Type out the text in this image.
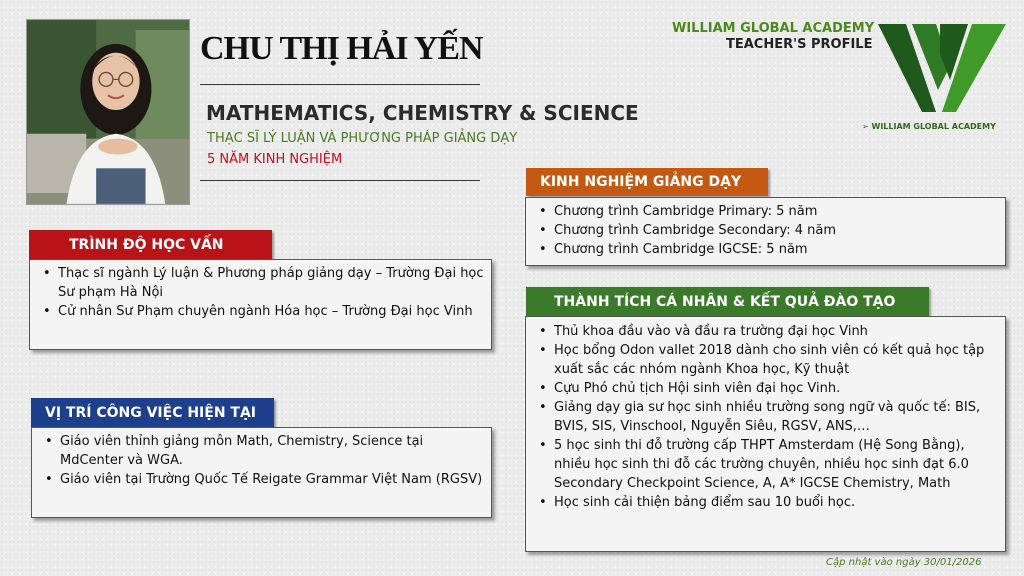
CHU THỊ HẢI YẾN
MATHEMATICS, CHEMISTRY & SCIENCE
THẠC SĨ LÝ LUẬN VÀ PHƯƠNG PHÁP GIẢNG DẠY
5 NĂM KINH NGHIỆM
WILLIAM GLOBAL ACADEMY
TEACHER'S PROFILE
➢ WILLIAM GLOBAL ACADEMY
TRÌNH ĐỘ HỌC VẤN
• Thạc sĩ ngành Lý luận & Phương pháp giảng dạy – Trường Đại học Sư phạm Hà Nội
• Cử nhân Sư Phạm chuyên ngành Hóa học – Trường Đại học Vinh
VỊ TRÍ CÔNG VIỆC HIỆN TẠI
• Giáo viên thỉnh giảng môn Math, Chemistry, Science tại MdCenter và WGA.
• Giáo viên tại Trường Quốc Tế Reigate Grammar Việt Nam (RGSV)
KINH NGHIỆM GIẢNG DẠY
• Chương trình Cambridge Primary: 5 năm
• Chương trình Cambridge Secondary: 4 năm
• Chương trình Cambridge IGCSE: 5 năm
THÀNH TÍCH CÁ NHÂN & KẾT QUẢ ĐÀO TẠO
• Thủ khoa đầu vào và đầu ra trường đại học Vinh
• Học bổng Odon vallet 2018 dành cho sinh viên có kết quả học tập xuất sắc các nhóm ngành Khoa học, Kỹ thuật
• Cựu Phó chủ tịch Hội sinh viên đại học Vinh.
• Giảng dạy gia sư học sinh nhiều trường song ngữ và quốc tế: BIS, BVIS, SIS, Vinschool, Nguyễn Siêu, RGSV, ANS,…
• 5 học sinh thi đỗ trường cấp THPT Amsterdam (Hệ Song Bằng), nhiều học sinh thi đỗ các trường chuyên, nhiều học sinh đạt 6.0 Secondary Checkpoint Science, A, A* IGCSE Chemistry, Math
• Học sinh cải thiện bảng điểm sau 10 buổi học.
Cập nhật vào ngày 30/01/2026
